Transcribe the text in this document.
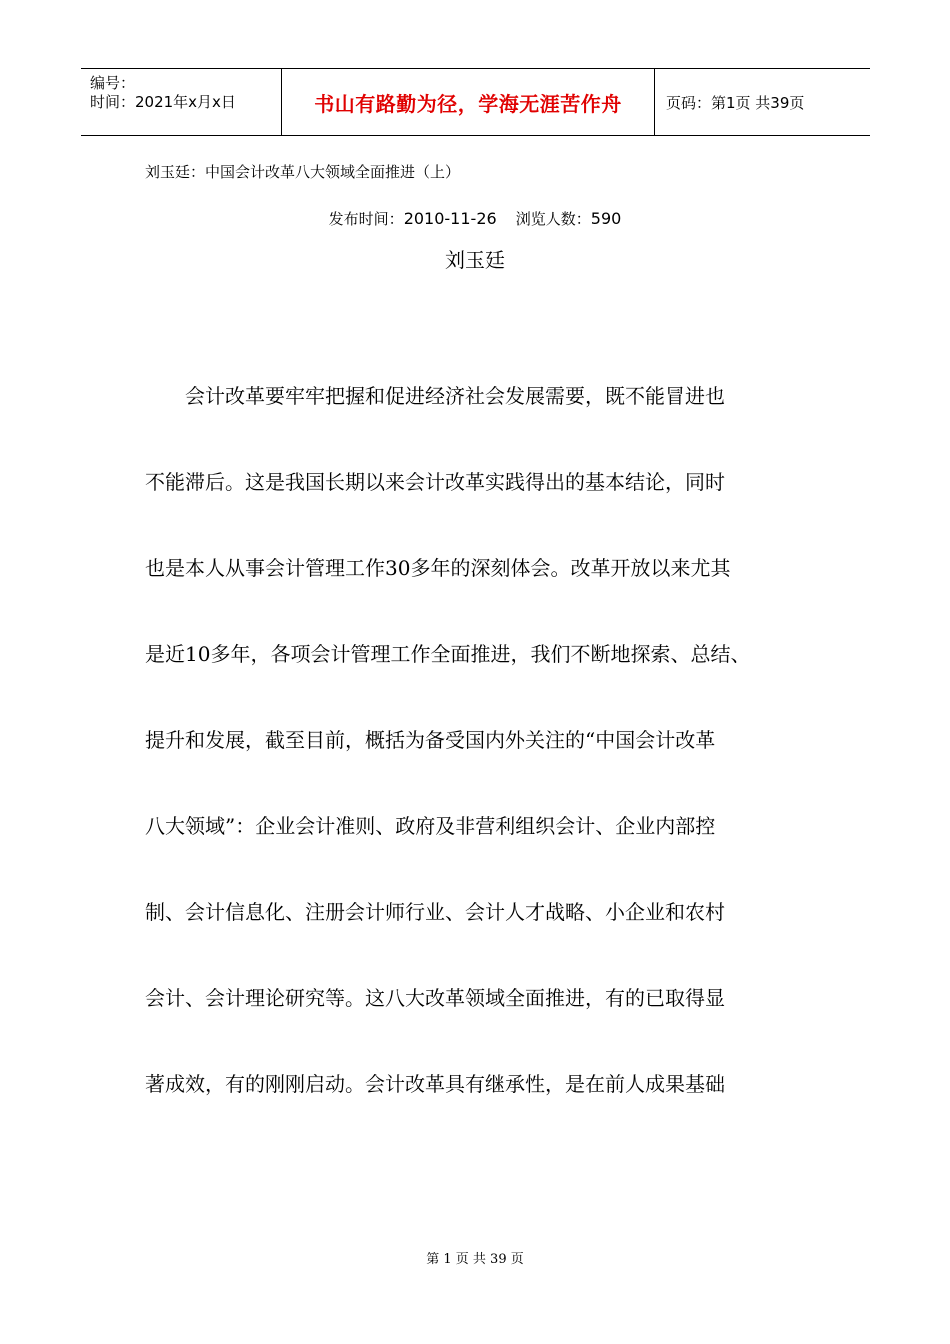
编号：
时间：2021年x月x日	书山有路勤为径，学海无涯苦作舟	页码：第1页 共39页
刘玉廷：中国会计改革八大领域全面推进（上）
发布时间：2010-11-26 浏览人数：590
刘玉廷
　　会计改革要牢牢把握和促进经济社会发展需要，既不能冒进也
不能滞后。这是我国长期以来会计改革实践得出的基本结论，同时
也是本人从事会计管理工作30多年的深刻体会。改革开放以来尤其
是近10多年，各项会计管理工作全面推进，我们不断地探索、总结、
提升和发展，截至目前，概括为备受国内外关注的“中国会计改革
八大领域”：企业会计准则、政府及非营利组织会计、企业内部控
制、会计信息化、注册会计师行业、会计人才战略、小企业和农村
会计、会计理论研究等。这八大改革领域全面推进，有的已取得显
著成效，有的刚刚启动。会计改革具有继承性，是在前人成果基础
第 1 页 共 39 页
